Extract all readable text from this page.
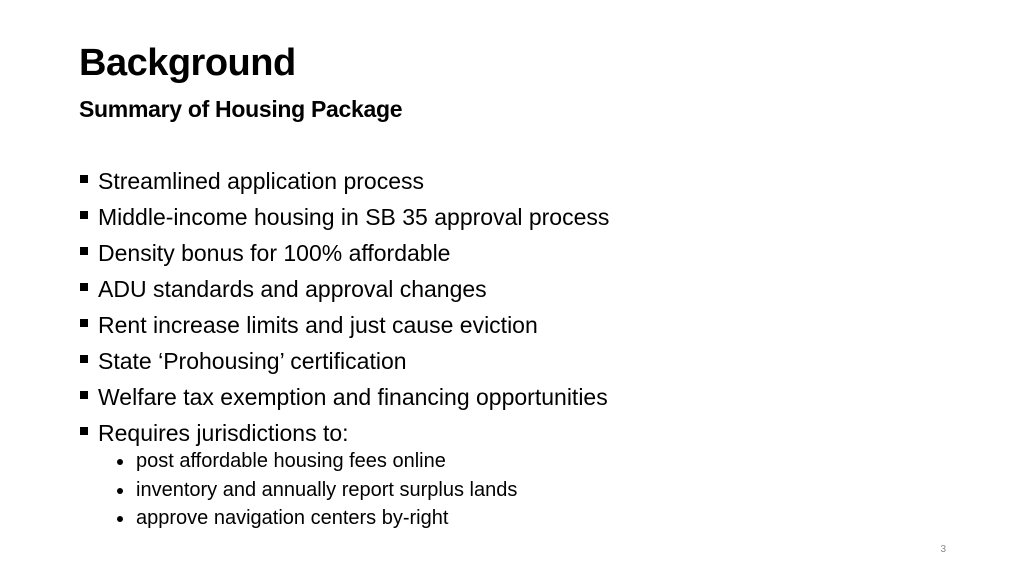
Background
Summary of Housing Package
Streamlined application process
Middle-income housing in SB 35 approval process
Density bonus for 100% affordable
ADU standards and approval changes
Rent increase limits and just cause eviction
State ‘Prohousing’ certification
Welfare tax exemption and financing opportunities
Requires jurisdictions to:
post affordable housing fees online
inventory and annually report surplus lands
approve navigation centers by-right
3
